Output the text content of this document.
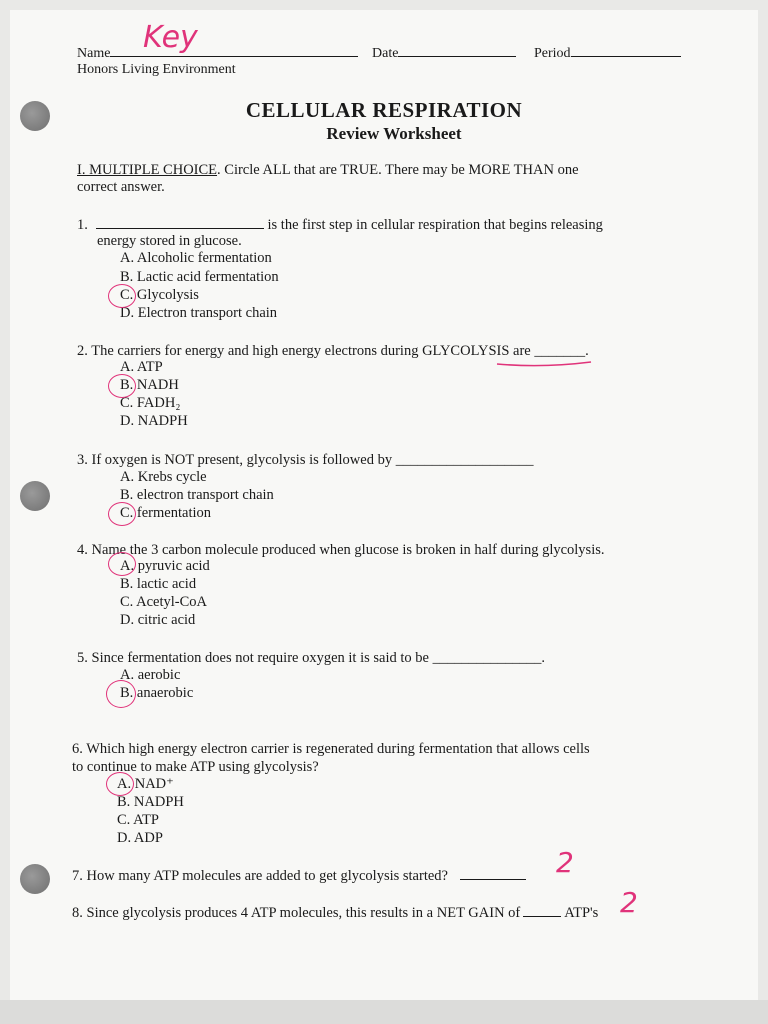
Name	Key	Date	Period
Honors Living Environment
CELLULAR RESPIRATION
Review Worksheet
I. MULTIPLE CHOICE. Circle ALL that are TRUE. There may be MORE THAN one
correct answer.
1.	is the first step in cellular respiration that begins releasing
energy stored in glucose.
A. Alcoholic fermentation
B. Lactic acid fermentation
C. Glycolysis
D. Electron transport chain
2. The carriers for energy and high energy electrons during GLYCOLYSIS are _______.
A. ATP
B. NADH
C. FADH₂
D. NADPH
3. If oxygen is NOT present, glycolysis is followed by ___________________
A. Krebs cycle
B. electron transport chain
C. fermentation
4. Name the 3 carbon molecule produced when glucose is broken in half during glycolysis.
A. pyruvic acid
B. lactic acid
C. Acetyl-CoA
D. citric acid
5. Since fermentation does not require oxygen it is said to be _______________.
A. aerobic
B. anaerobic
6. Which high energy electron carrier is regenerated during fermentation that allows cells
to continue to make ATP using glycolysis?
A. NAD⁺
B. NADPH
C. ATP
D. ADP
7. How many ATP molecules are added to get glycolysis started?	2
8. Since glycolysis produces 4 ATP molecules, this results in a NET GAIN of	ATP's 2
